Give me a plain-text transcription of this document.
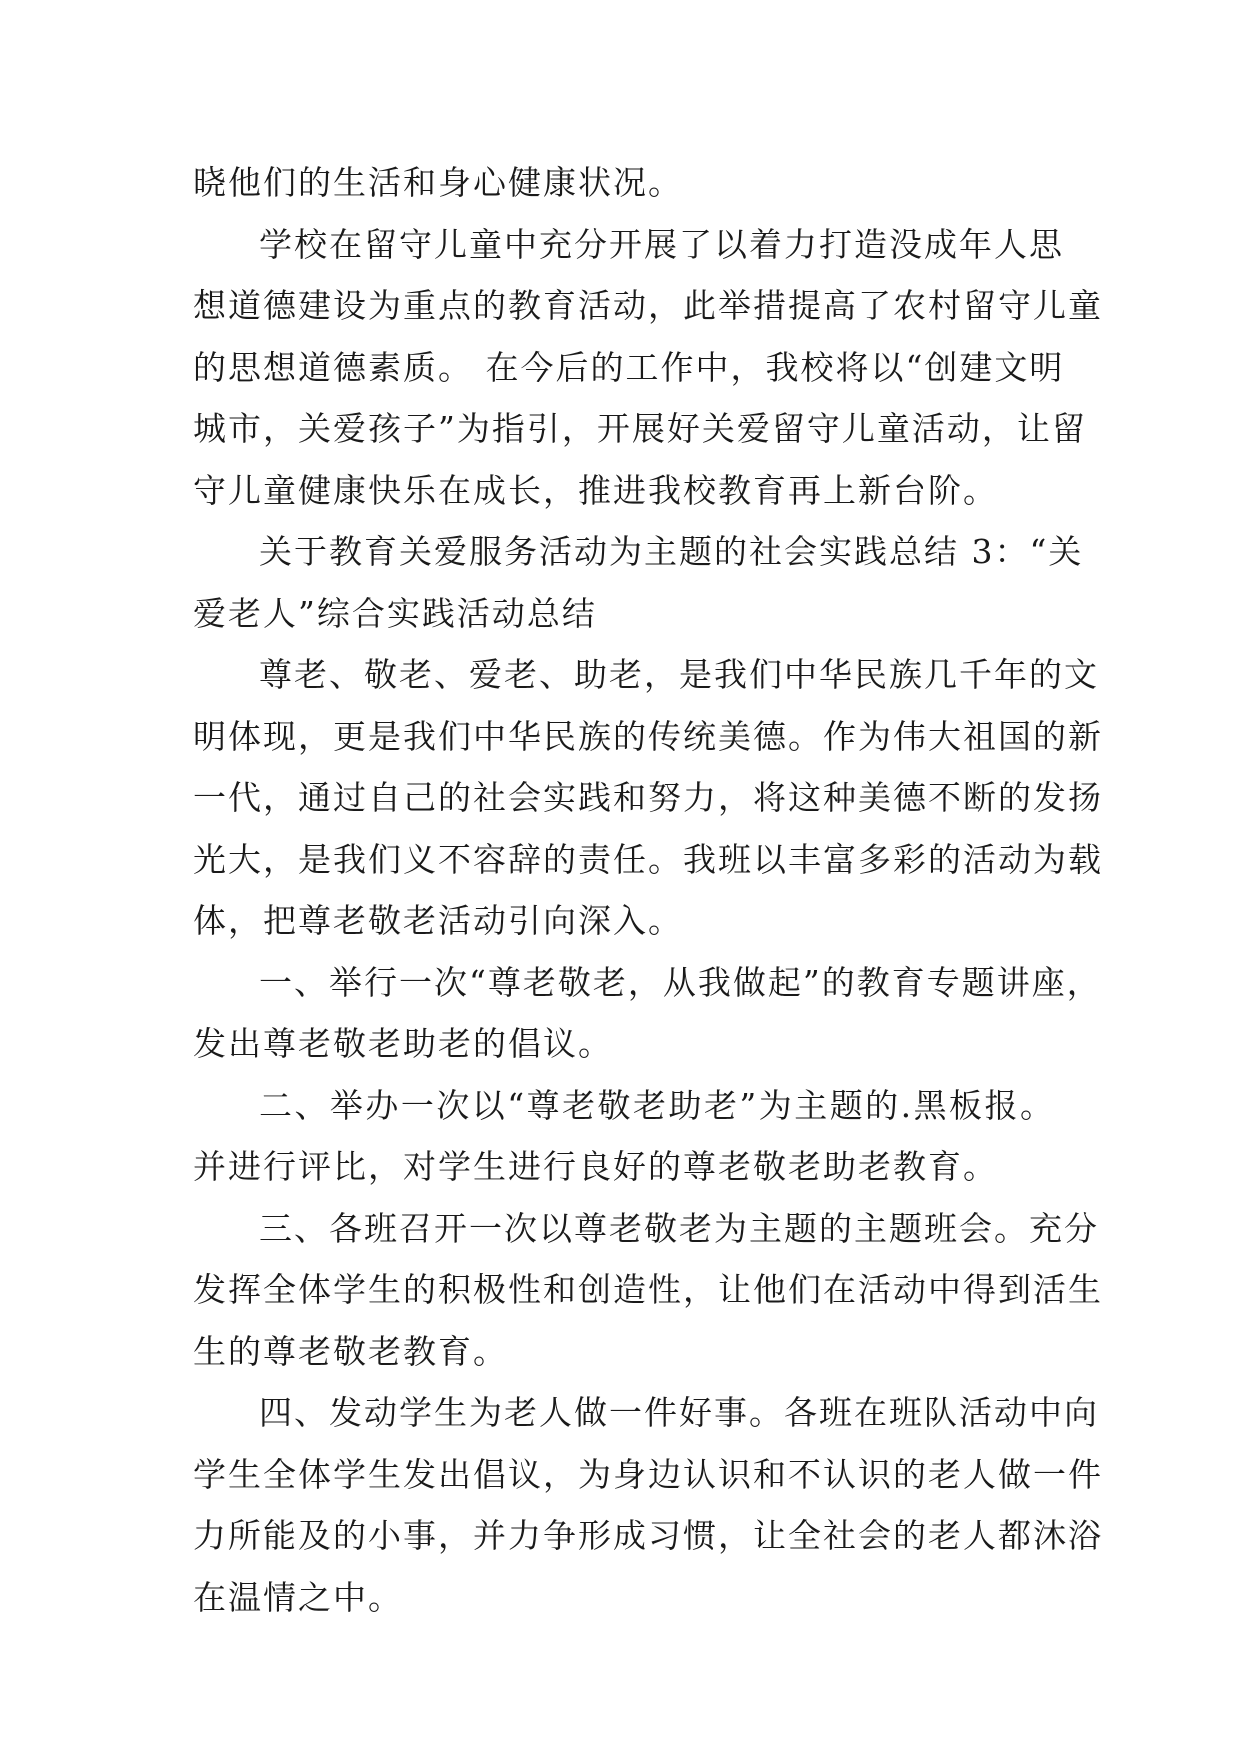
晓他们的生活和身心健康状况。
学校在留守儿童中充分开展了以着力打造没成年人思
想道德建设为重点的教育活动，此举措提高了农村留守儿童
的思想道德素质。 在今后的工作中，我校将以“创建文明
城市，关爱孩子”为指引，开展好关爱留守儿童活动，让留
守儿童健康快乐在成长，推进我校教育再上新台阶。
关于教育关爱服务活动为主题的社会实践总结 3：“关
爱老人”综合实践活动总结
尊老、敬老、爱老、助老，是我们中华民族几千年的文
明体现，更是我们中华民族的传统美德。作为伟大祖国的新
一代，通过自己的社会实践和努力，将这种美德不断的发扬
光大，是我们义不容辞的责任。我班以丰富多彩的活动为载
体，把尊老敬老活动引向深入。
一、举行一次“尊老敬老，从我做起”的教育专题讲座，
发出尊老敬老助老的倡议。
二、举办一次以“尊老敬老助老”为主题的.黑板报。
并进行评比，对学生进行良好的尊老敬老助老教育。
三、各班召开一次以尊老敬老为主题的主题班会。充分
发挥全体学生的积极性和创造性，让他们在活动中得到活生
生的尊老敬老教育。
四、发动学生为老人做一件好事。各班在班队活动中向
学生全体学生发出倡议，为身边认识和不认识的老人做一件
力所能及的小事，并力争形成习惯，让全社会的老人都沐浴
在温情之中。
